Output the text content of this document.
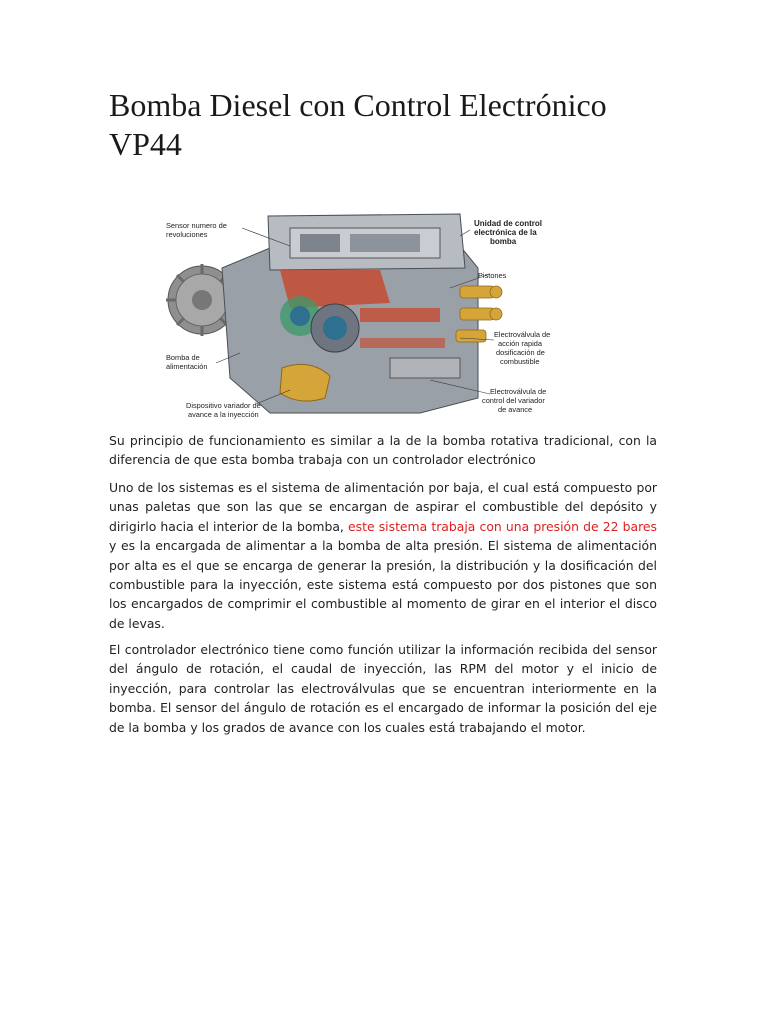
Bomba Diesel con Control Electrónico VP44
Sensor numero de
revoluciones
Unidad de control
electrónica de la
bomba
Pistones
Electroválvula de
acción rapida
dosificación de
combustible
Bomba de
alimentación
Electroválvula de
control del variador
de avance
Dispositivo variador de
avance a la inyección

Su principio de funcionamiento es similar a la de la bomba rotativa tradicional, con la diferencia de que esta bomba trabaja con un controlador electrónico

Uno de los sistemas es el sistema de alimentación por baja, el cual está compuesto por unas paletas que son las que se encargan de aspirar el combustible del depósito y dirigirlo hacia el interior de la bomba, este sistema trabaja con una presión de 22 bares y es la encargada de alimentar a la bomba de alta presión. El sistema de alimentación por alta es el que se encarga de generar la presión, la distribución y la dosificación del combustible para la inyección, este sistema está compuesto por dos pistones que son los encargados de comprimir el combustible al momento de girar en el interior el disco de levas.

El controlador electrónico tiene como función utilizar la información recibida del sensor del ángulo de rotación, el caudal de inyección, las RPM del motor y el inicio de inyección, para controlar las electroválvulas que se encuentran interiormente en la bomba. El sensor del ángulo de rotación es el encargado de informar la posición del eje de la bomba y los grados de avance con los cuales está trabajando el motor.
